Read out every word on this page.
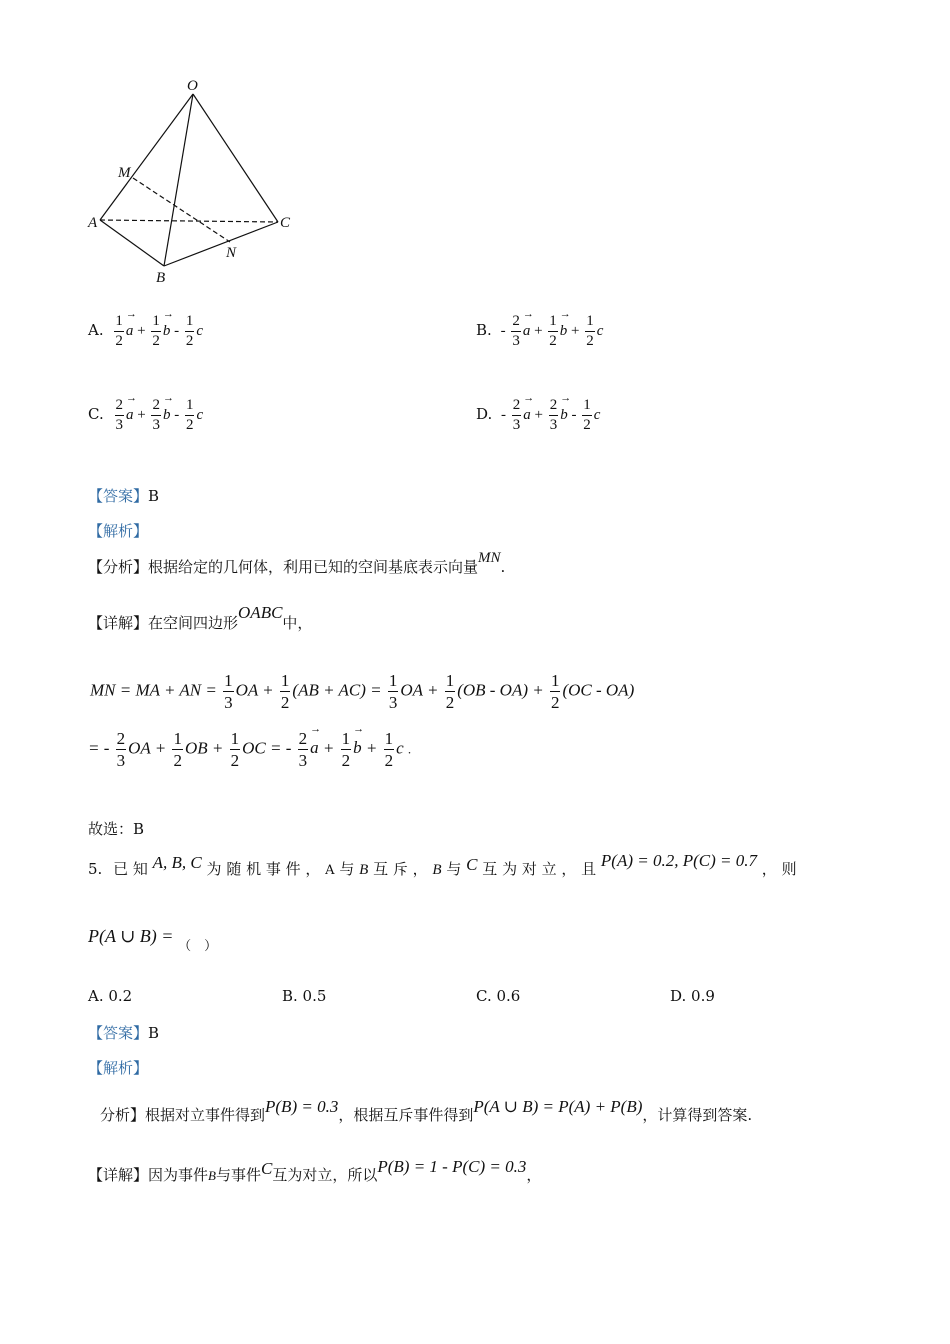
O
M
A	C
N
B
A. $\frac{1}{2}$
→ $a + \frac{1}{2}$
→ b - $\frac{1}{2}$ c	B. - $\frac{2}{3}$
→ $a + \frac{1}{2}$
→ $b + \frac{1}{2}$ c
C. $\frac{2}{3}$
→ $a + \frac{2}{3}$
→ b - $\frac{1}{2}$ c	D. - $\frac{2}{3}$
→ $a + \frac{2}{3}$
→ b - $\frac{1}{2}$ c
【答案】B
【解析】
【分析】根据给定的几何体，利用已知的空间基底表示向量MN.
【详解】在空间四边形OABC中，
MN = MA + AN = $\frac{1}{3}$ OA + $\frac{1}{2} (AB + AC) = \frac{1}{3}$ OA + $\frac{1}{2} (OB - OA) + \frac{1}{2} (OC - OA)$
= - $\frac{2}{3}$ OA + $\frac{1}{2}$ OB + $\frac{1}{2}$ OC = - $\frac{2}{3}$
→ $a + \frac{1}{2}$
→ $b + \frac{1}{2}$ c .
故选：B
5. 已 知 A, B, C 为 随 机 事 件 ， A 与 B 互 斥 ， B 与 C 互 为 对 立 ， 且 P(A) = 0.2, P(C) = 0.7 ， 则
P(A ∪ B) = （　）
A. 0.2	B. 0.5	C. 0.6	D. 0.9
【答案】B
【解析】
分析】根据对立事件得到P(B) = 0.3，根据互斥事件得到P(A ∪ B) = P(A) + P(B)，计算得到答案.
【详解】因为事件B与事件C互为对立，所以P(B) = 1 - P(C) = 0.3，
